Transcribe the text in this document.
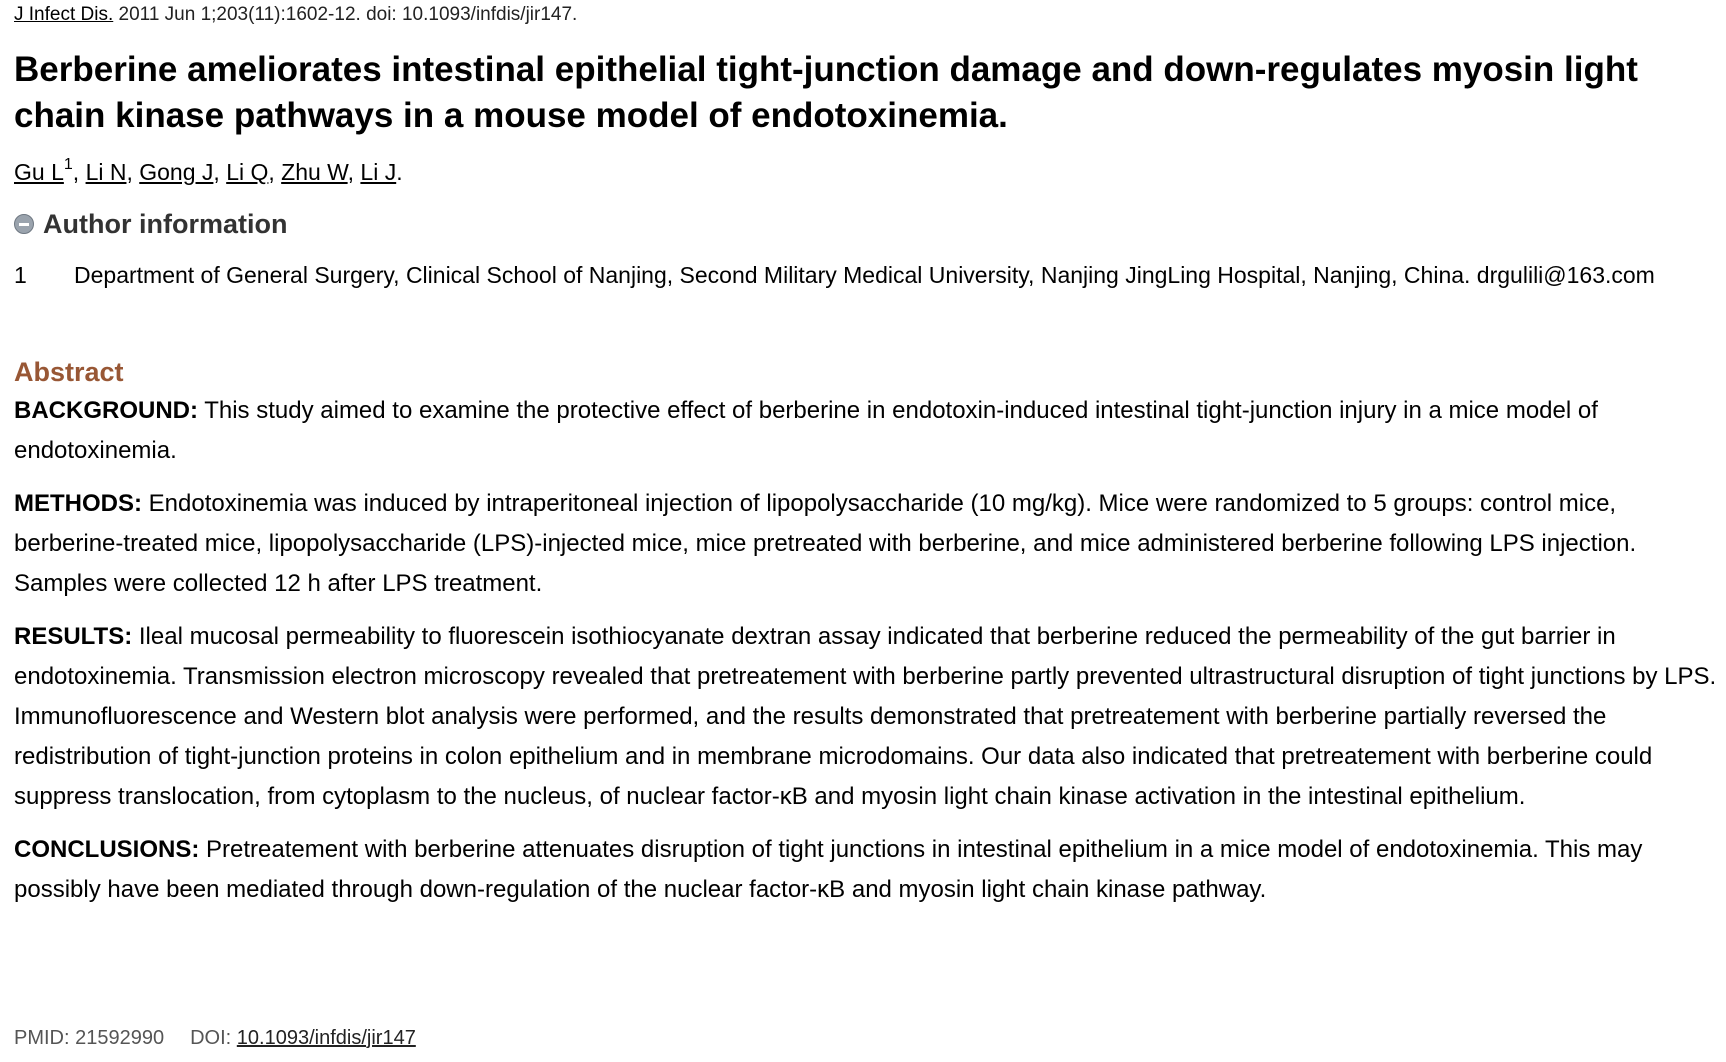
J Infect Dis. 2011 Jun 1;203(11):1602-12. doi: 10.1093/infdis/jir147.
Berberine ameliorates intestinal epithelial tight-junction damage and down-regulates myosin light chain kinase pathways in a mouse model of endotoxinemia.
Gu $L^1$, Li N, Gong J, Li Q, Zhu W, Li J.
Author information
1 Department of General Surgery, Clinical School of Nanjing, Second Military Medical University, Nanjing JingLing Hospital, Nanjing, China. drgulili@163.com
Abstract

BACKGROUND: This study aimed to examine the protective effect of berberine in endotoxin-induced intestinal tight-junction injury in a mice model of endotoxinemia.

METHODS: Endotoxinemia was induced by intraperitoneal injection of lipopolysaccharide (10 mg/kg). Mice were randomized to 5 groups: control mice, berberine-treated mice, lipopolysaccharide (LPS)-injected mice, mice pretreated with berberine, and mice administered berberine following LPS injection. Samples were collected 12 h after LPS treatment.

RESULTS: Ileal mucosal permeability to fluorescein isothiocyanate dextran assay indicated that berberine reduced the permeability of the gut barrier in endotoxinemia. Transmission electron microscopy revealed that pretreatement with berberine partly prevented ultrastructural disruption of tight junctions by LPS. Immunofluorescence and Western blot analysis were performed, and the results demonstrated that pretreatement with berberine partially reversed the redistribution of tight-junction proteins in colon epithelium and in membrane microdomains. Our data also indicated that pretreatement with berberine could suppress translocation, from cytoplasm to the nucleus, of nuclear factor-κB and myosin light chain kinase activation in the intestinal epithelium.

CONCLUSIONS: Pretreatement with berberine attenuates disruption of tight junctions in intestinal epithelium in a mice model of endotoxinemia. This may possibly have been mediated through down-regulation of the nuclear factor-κB and myosin light chain kinase pathway.

PMID: 21592990 DOI: 10.1093/infdis/jir147
